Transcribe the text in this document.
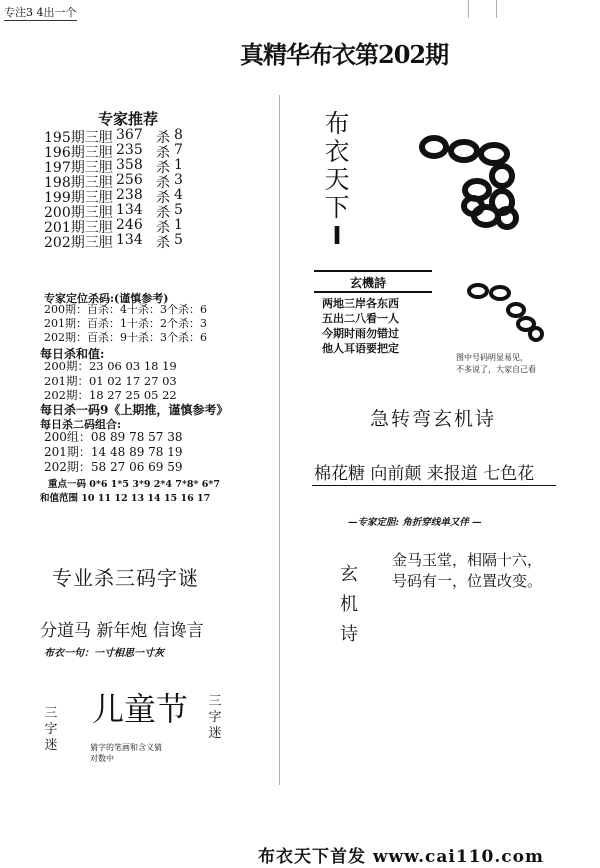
专注3 4出一个
真精华布衣第202期
专家推荐
195期三胆 367 杀 8
196期三胆 235 杀 7
197期三胆 358 杀 1
198期三胆 256 杀 3
199期三胆 238 杀 4
200期三胆 134 杀 5
201期三胆 246 杀 1
202期三胆 134 杀 5
专家定位杀码:(谨慎参考)
200期：百杀：4十杀：3个杀：6
201期：百杀：1十杀：2个杀：3
202期：百杀：9十杀：3个杀：6
每日杀和值:
200期：23 06 03 18 19
201期：01 02 17 27 03
202期：18 27 25 05 22
每日杀一码9《上期推，谨慎参考》
每日杀二码组合:
200组：08 89 78 57 38
201期：14 48 89 78 19
202期：58 27 06 69 59
重点一码 0*6 1*5 3*9 2*4 7*8* 6*7
和值范围 10 11 12 13 14 15 16 17
专业杀三码字谜
分道马 新年炮 信谗言
布衣一句：一寸相思一寸灰
三
字
迷
儿童节 三
字
迷
猜字的笔画和含义猜
对数中
布
衣
天
下
I
玄機詩
两地三岸各东西
五出二八看一人
今期时雨勿错过
他人耳语要把定
图中号码明显易见，
不多说了，大家自己看
急转弯玄机诗
棉花糖 向前颠 来报道 七色花
—专家定胆: 角折穿线单又伴 —
玄
机
诗
金马玉堂，相隔十六，
号码有一，位置改变。
布衣天下首发 www.cai110.com
